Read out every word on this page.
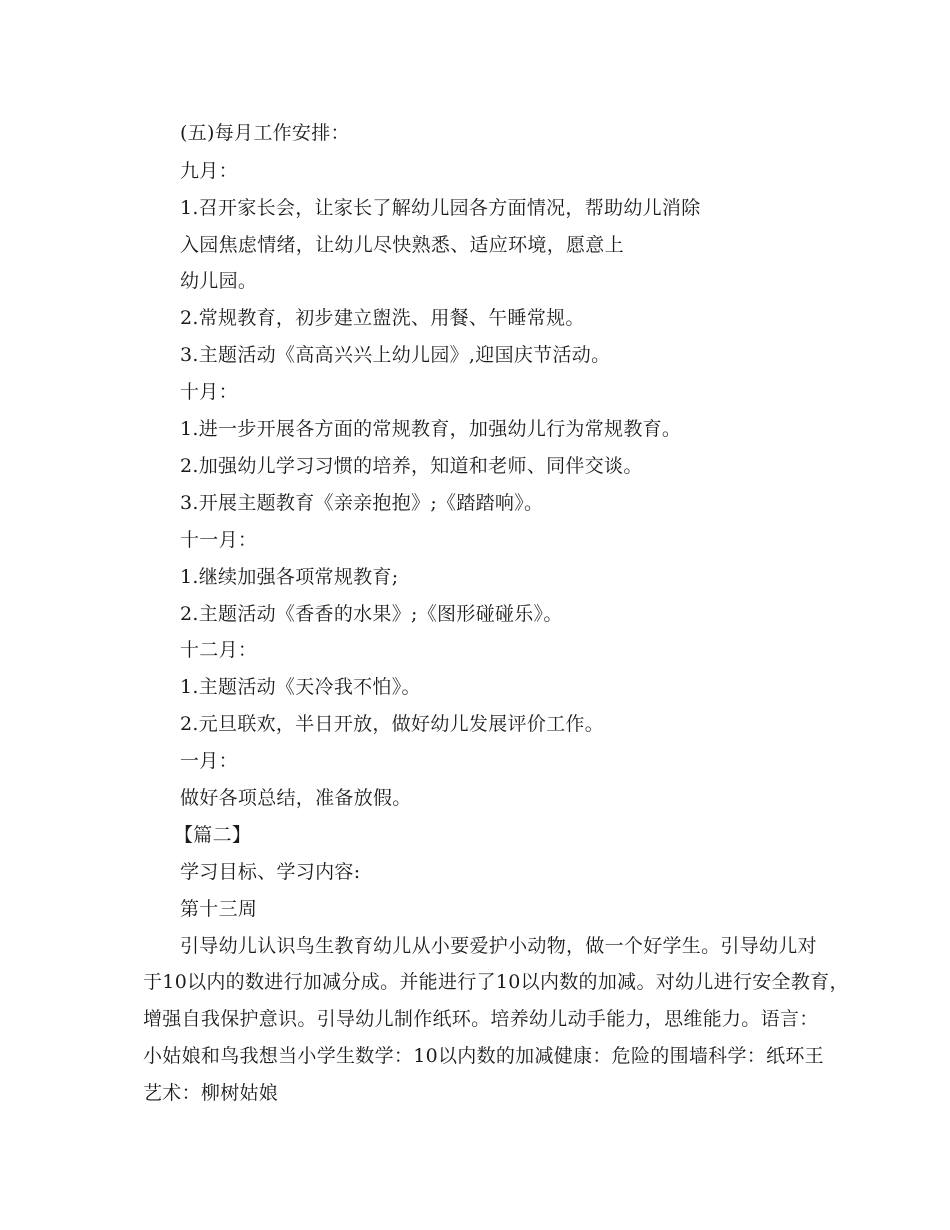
(五)每月工作安排：
九月：
1.召开家长会，让家长了解幼儿园各方面情况，帮助幼儿消除
入园焦虑情绪，让幼儿尽快熟悉、适应环境，愿意上
幼儿园。
2.常规教育，初步建立盥洗、用餐、午睡常规。
3.主题活动《高高兴兴上幼儿园》,迎国庆节活动。
十月：
1.进一步开展各方面的常规教育，加强幼儿行为常规教育。
2.加强幼儿学习习惯的培养，知道和老师、同伴交谈。
3.开展主题教育《亲亲抱抱》;《踏踏响》。
十一月：
1.继续加强各项常规教育;
2.主题活动《香香的水果》;《图形碰碰乐》。
十二月：
1.主题活动《天冷我不怕》。
2.元旦联欢，半日开放，做好幼儿发展评价工作。
一月：
做好各项总结，准备放假。
【篇二】
学习目标、学习内容:
第十三周
引导幼儿认识鸟生教育幼儿从小要爱护小动物，做一个好学生。引导幼儿对
于10以内的数进行加减分成。并能进行了10以内数的加减。对幼儿进行安全教育，
增强自我保护意识。引导幼儿制作纸环。培养幼儿动手能力，思维能力。语言：
小姑娘和鸟我想当小学生数学：10以内数的加减健康：危险的围墙科学：纸环王
艺术：柳树姑娘
